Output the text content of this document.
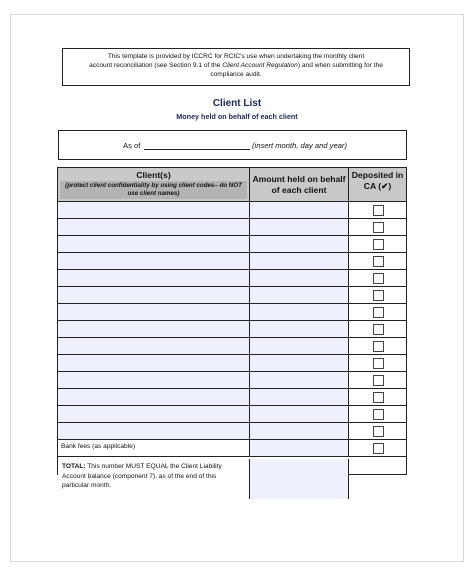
This template is provided by ICCRC for RCIC's use when undertaking the monthly client
account reconciliation (see Section 9.1 of the Client Account Regulation) and when submitting for the
compliance audit.
Client List
Money held on behalf of each client
As of	(insert month, day and year)
Client(s)
(protect client confidentiality by using client codes– do NOT use client names)
Amount held on behalf of each client
Deposited in CA (✔)
Bank fees (as applicable)
TOTAL: This number MUST EQUAL the Client Liability Account balance (component 7), as of the end of this particular month.
